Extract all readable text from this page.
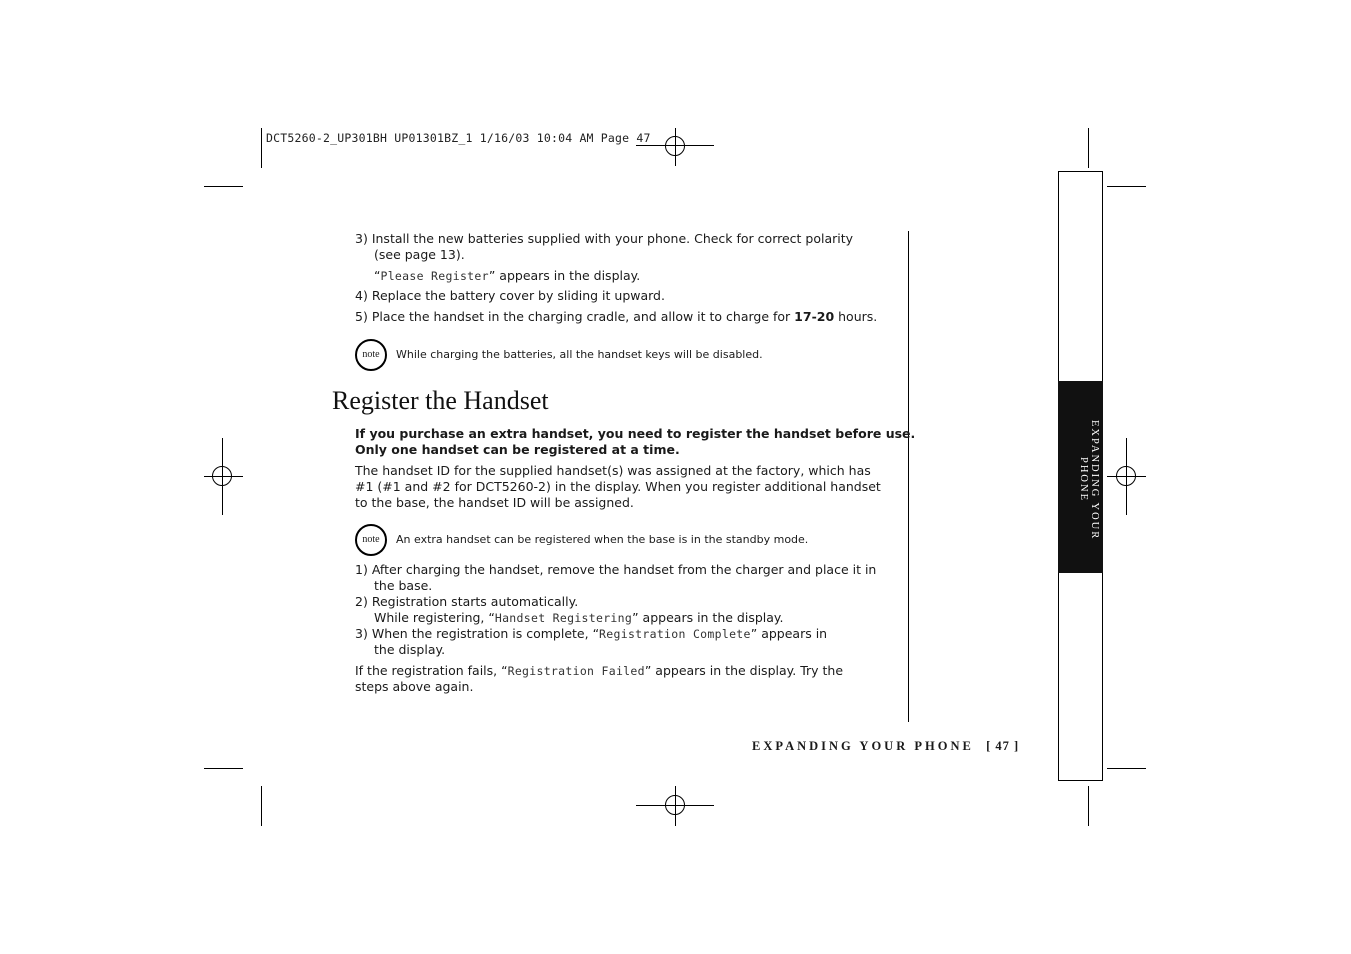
DCT5260-2_UP301BH UP01301BZ_1 1/16/03 10:04 AM Page 47
3) Install the new batteries supplied with your phone. Check for correct polarity
(see page 13).
“Please Register” appears in the display.
4) Replace the battery cover by sliding it upward.
5) Place the handset in the charging cradle, and allow it to charge for 17-20 hours.
note	While charging the batteries, all the handset keys will be disabled.
Register the Handset
If you purchase an extra handset, you need to register the handset before use.
Only one handset can be registered at a time.
The handset ID for the supplied handset(s) was assigned at the factory, which has
#1 (#1 and #2 for DCT5260-2) in the display. When you register additional handset
to the base, the handset ID will be assigned.
note	An extra handset can be registered when the base is in the standby mode.
1) After charging the handset, remove the handset from the charger and place it in
the base.
2) Registration starts automatically.
While registering, “Handset Registering” appears in the display.
3) When the registration is complete, “Registration Complete” appears in
the display.
If the registration fails, “Registration Failed” appears in the display. Try the
steps above again.
EXPANDING YOUR
PHONE
EXPANDING YOUR PHONE [ 47 ]
